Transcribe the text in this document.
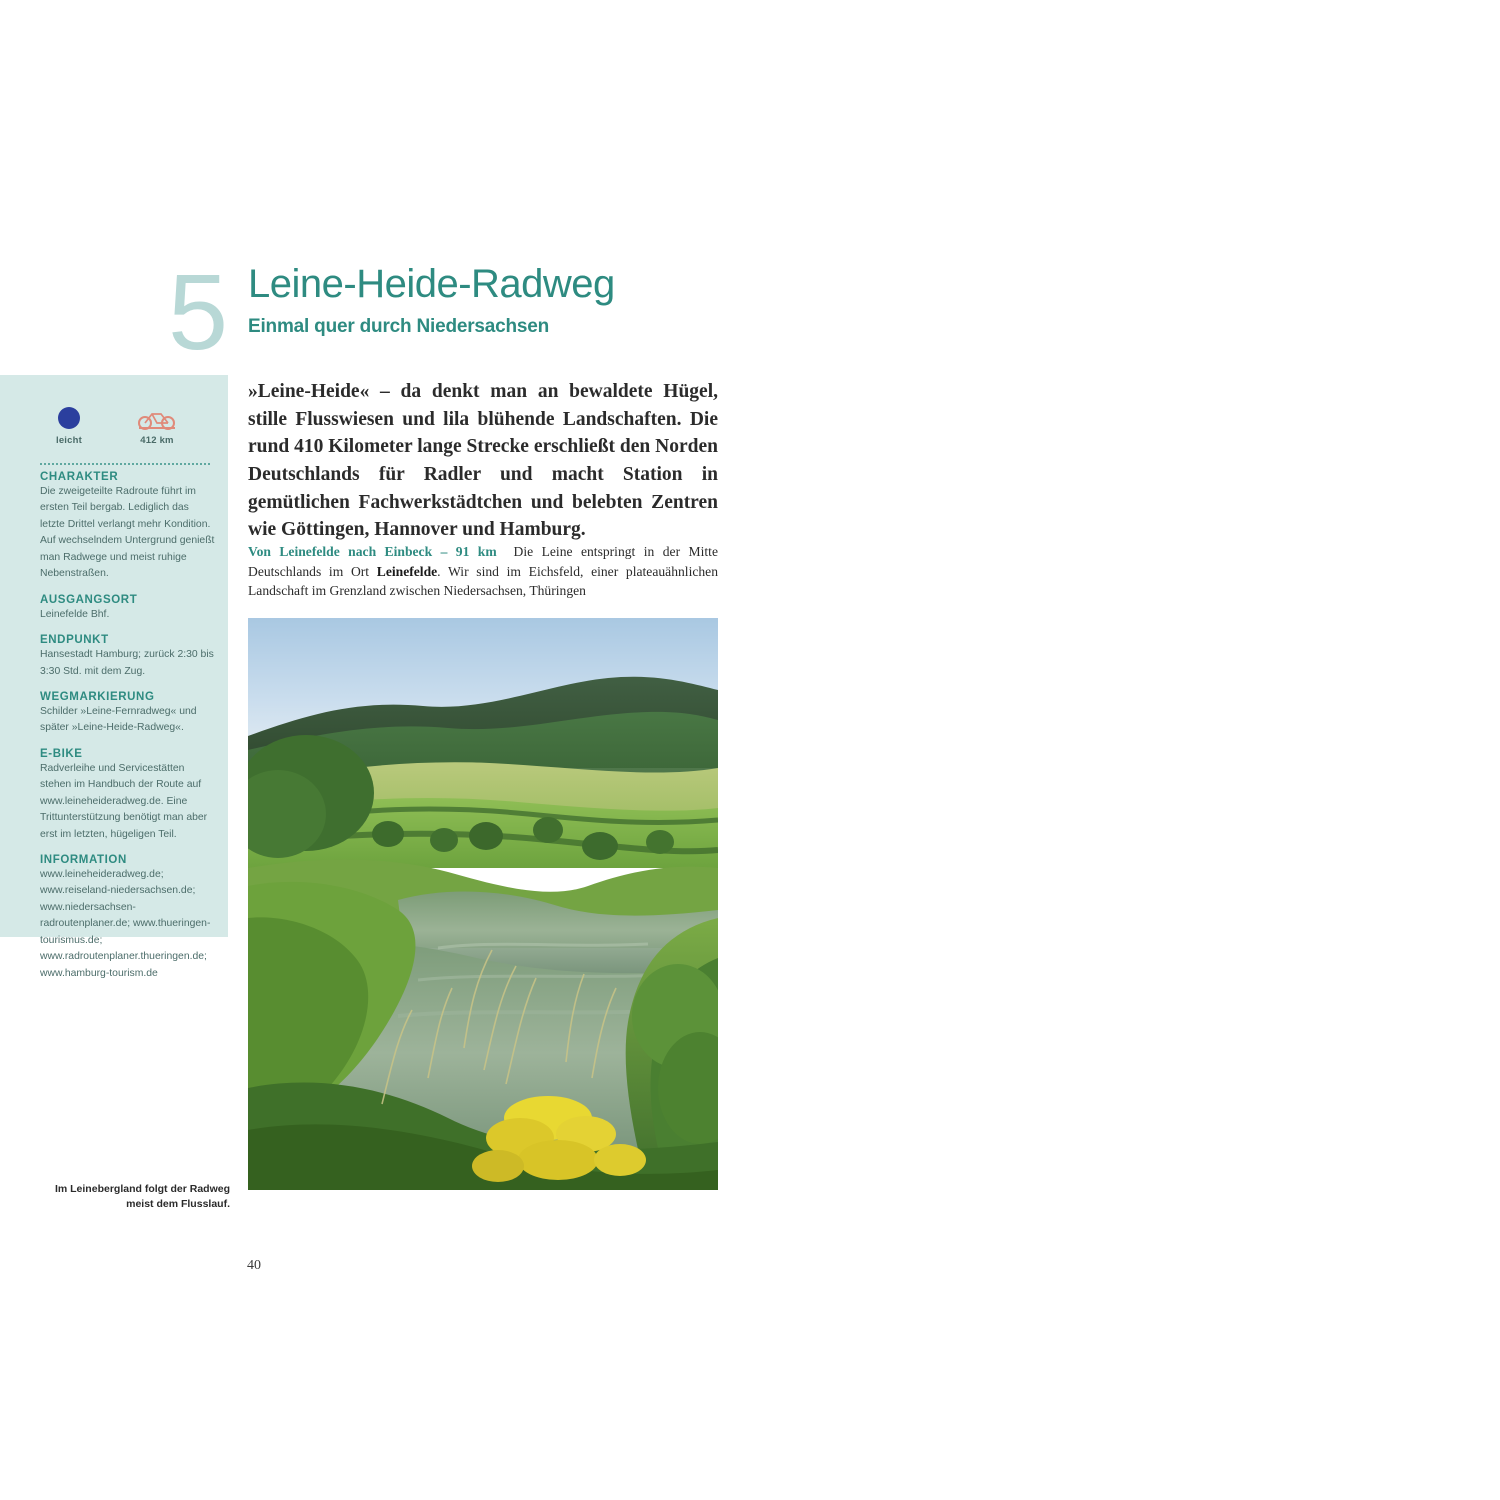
5 Leine-Heide-Radweg
Einmal quer durch Niedersachsen
»Leine-Heide« – da denkt man an bewaldete Hügel, stille Flusswiesen und lila blühende Landschaften. Die rund 410 Kilometer lange Strecke erschließt den Norden Deutschlands für Radler und macht Station in gemütlichen Fachwerkstädtchen und belebten Zentren wie Göttingen, Hannover und Hamburg.
Von Leinefelde nach Einbeck – 91 km Die Leine entspringt in der Mitte Deutschlands im Ort Leinefelde. Wir sind im Eichsfeld, einer plateauähnlichen Landschaft im Grenzland zwischen Niedersachsen, Thüringen
leicht	412 km
CHARAKTER
Die zweigeteilte Radroute führt im ersten Teil bergab. Lediglich das letzte Drittel verlangt mehr Kondition. Auf wechselndem Untergrund genießt man Radwege und meist ruhige Nebenstraßen.
AUSGANGSORT
Leinefelde Bhf.
ENDPUNKT
Hansestadt Hamburg; zurück 2:30 bis 3:30 Std. mit dem Zug.
WEGMARKIERUNG
Schilder »Leine-Fernradweg« und später »Leine-Heide-Radweg«.
E-BIKE
Radverleihe und Servicestätten stehen im Handbuch der Route auf www.leineheideradweg.de. Eine Trittunterstützung benötigt man aber erst im letzten, hügeligen Teil.
INFORMATION
www.leineheideradweg.de; www.reiseland-niedersachsen.de; www.niedersachsen-radroutenplaner.de; www.thueringen-tourismus.de; www.radroutenplaner.thueringen.de; www.hamburg-tourism.de
Im Leinebergland folgt der Radweg meist dem Flusslauf.
40
